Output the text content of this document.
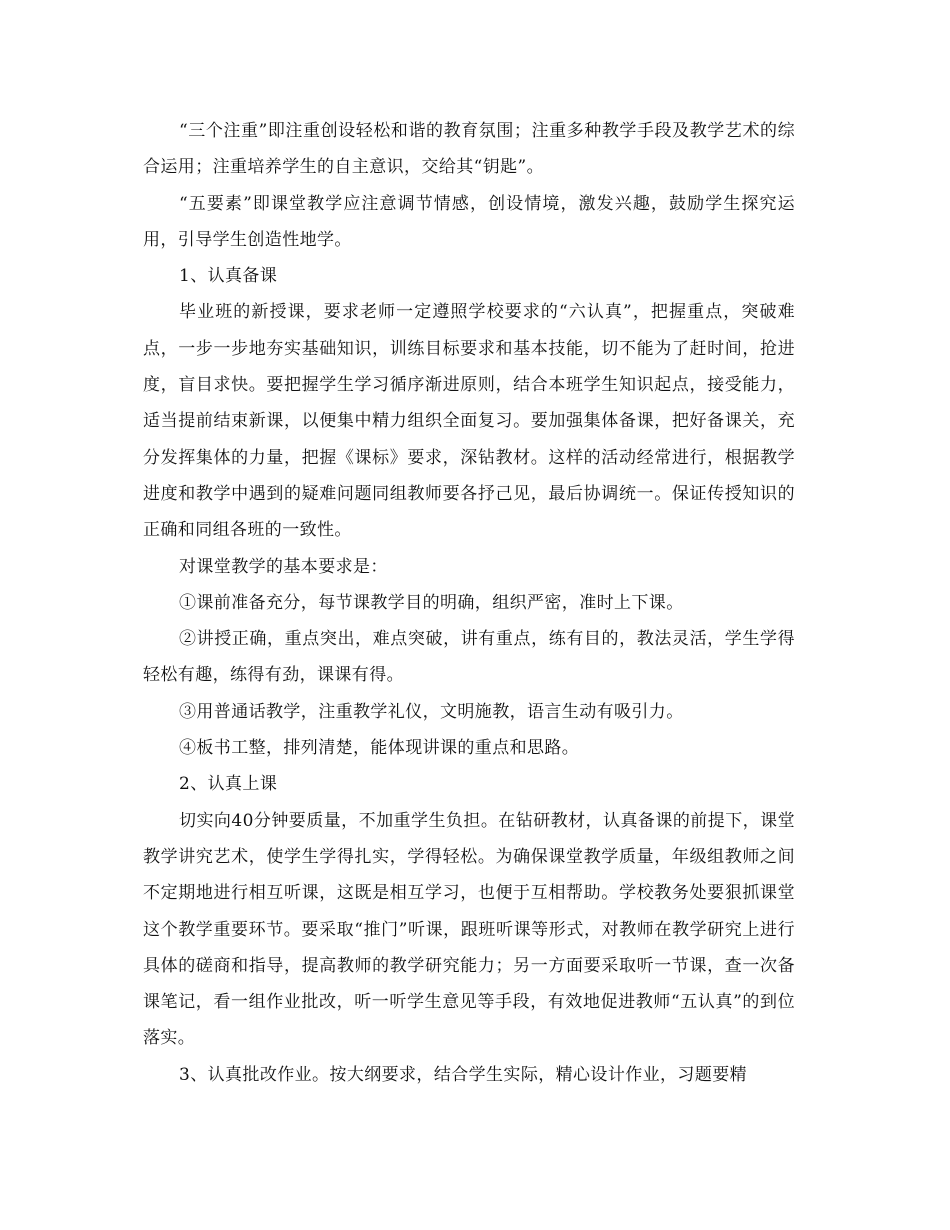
“三个注重”即注重创设轻松和谐的教育氛围；注重多种教学手段及教学艺术的综合运用；注重培养学生的自主意识，交给其“钥匙”。

“五要素”即课堂教学应注意调节情感，创设情境，激发兴趣，鼓励学生探究运用，引导学生创造性地学。

1、认真备课

毕业班的新授课，要求老师一定遵照学校要求的“六认真”，把握重点，突破难点，一步一步地夯实基础知识，训练目标要求和基本技能，切不能为了赶时间，抢进度，盲目求快。要把握学生学习循序渐进原则，结合本班学生知识起点，接受能力，适当提前结束新课，以便集中精力组织全面复习。要加强集体备课，把好备课关，充分发挥集体的力量，把握《课标》要求，深钻教材。这样的活动经常进行，根据教学进度和教学中遇到的疑难问题同组教师要各抒己见，最后协调统一。保证传授知识的正确和同组各班的一致性。

对课堂教学的基本要求是：

①课前准备充分，每节课教学目的明确，组织严密，准时上下课。

②讲授正确，重点突出，难点突破，讲有重点，练有目的，教法灵活，学生学得轻松有趣，练得有劲，课课有得。

③用普通话教学，注重教学礼仪，文明施教，语言生动有吸引力。

④板书工整，排列清楚，能体现讲课的重点和思路。

2、认真上课

切实向40分钟要质量，不加重学生负担。在钻研教材，认真备课的前提下，课堂教学讲究艺术，使学生学得扎实，学得轻松。为确保课堂教学质量，年级组教师之间不定期地进行相互听课，这既是相互学习，也便于互相帮助。学校教务处要狠抓课堂这个教学重要环节。要采取“推门”听课，跟班听课等形式，对教师在教学研究上进行具体的磋商和指导，提高教师的教学研究能力；另一方面要采取听一节课，查一次备课笔记，看一组作业批改，听一听学生意见等手段，有效地促进教师“五认真”的到位落实。

3、认真批改作业。按大纲要求，结合学生实际，精心设计作业，习题要精
